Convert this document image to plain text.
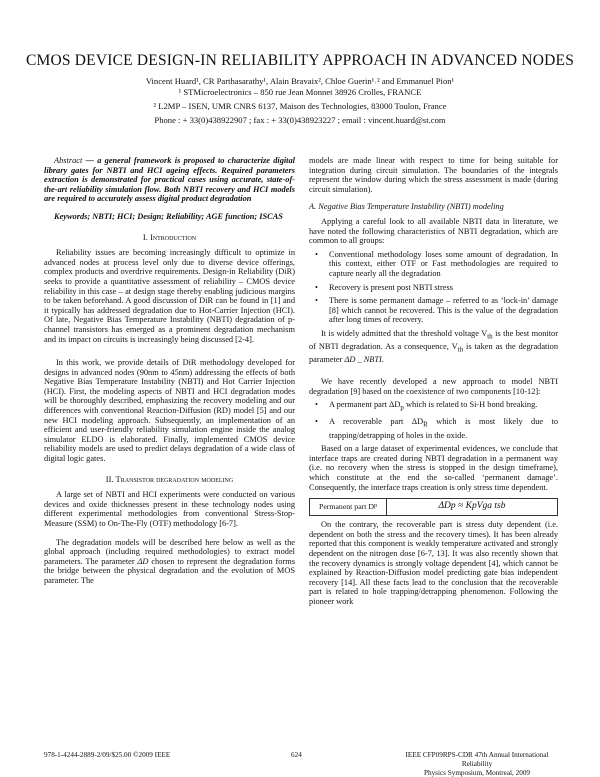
CMOS DEVICE DESIGN-IN RELIABILITY APPROACH IN ADVANCED NODES
Vincent Huard¹, CR Parthasarathy¹, Alain Bravaix², Chloe Guerin¹˒² and Emmanuel Pion¹
¹ STMicroelectronics – 850 rue Jean Monnet 38926 Crolles, FRANCE
² L2MP – ISEN, UMR CNRS 6137, Maison des Technologies, 83000 Toulon, France
Phone : + 33(0)438922907 ; fax : + 33(0)438923227 ; email : vincent.huard@st.com

Abstract — a general framework is proposed to characterize digital library gates for NBTI and HCI ageing effects. Required parameters extraction is demonstrated for practical cases using accurate, state-of-the-art reliability simulation flow. Both NBTI recovery and HCI models are required to accurately assess digital product degradation

Keywords; NBTI; HCI; Design; Reliability; AGE function; ISCAS

I. Introduction

Reliability issues are becoming increasingly difficult to optimize in advanced nodes at process level only due to diverse device offerings, complex products and overdrive requirements. Design-in Reliability (DiR) seeks to provide a quantitative assessment of reliability – CMOS device reliability in this case – at design stage thereby enabling judicious margins to be taken beforehand. A good discussion of DiR can be found in [1] and it typically has addressed degradation due to Hot-Carrier Injection (HCI). Of late, Negative Bias Temperature Instability (NBTI) degradation of p-channel transistors has emerged as a prominent degradation mechanism and its impact on circuits is increasingly being discussed [2-4].

In this work, we provide details of DiR methodology developed for designs in advanced nodes (90nm to 45nm) addressing the effects of both Negative Bias Temperature Instability (NBTI) and Hot Carrier Injection (HCI). First, the modeling aspects of NBTI and HCI degradation modes will be thoroughly described, emphasizing the recovery modeling and our differences with conventional Reaction-Diffusion (RD) model [5] and our new HCI modeling approach. Subsequently, an implementation of an efficient and user-friendly reliability simulation engine inside the analog simulator ELDO is elaborated. Finally, implemented CMOS device reliability models are used to predict delays degradation of a wide class of digital logic gates.

II. Transistor degradation modeling

A large set of NBTI and HCI experiments were conducted on various devices and oxide thicknesses present in these technology nodes using different experimental methodologies from conventional Stress-Stop-Measure (SSM) to On-The-Fly (OTF) methodology [6-7].

The degradation models will be described here below as well as the global approach (including required methodologies) to extract model parameters. The parameter ΔD chosen to represent the degradation forms the bridge between the physical degradation and the evolution of MOS parameter. The

models are made linear with respect to time for being suitable for integration during circuit simulation. The boundaries of the integrals represent the window during which the stress assessment is made (during circuit simulation).

A. Negative Bias Temperature Instability (NBTI) modeling

Applying a careful look to all available NBTI data in literature, we have noted the following characteristics of NBTI degradation, which are common to all groups:

• Conventional methodology loses some amount of degradation. In this context, either OTF or Fast methodologies are required to capture nearly all the degradation
• Recovery is present post NBTI stress
• There is some permanent damage – referred to as ‘lock-in’ damage [8] which cannot be recovered. This is the value of the degradation after long times of recovery.

It is widely admitted that the threshold voltage $V_{th}$ is the best monitor of NBTI degradation. As a consequence, $V_{th}$ is taken as the degradation parameter ΔD _ NBTI.

We have recently developed a new approach to model NBTI degradation [9] based on the coexistence of two components [10-12]:

• A permanent part $\Delta D_p$ which is related to Si-H bond breaking.
• A recoverable part $\Delta D_R$ which is most likely due to trapping/detrapping of holes in the oxide.

Based on a large dataset of experimental evidences, we conclude that interface traps are created during NBTI degradation in a permanent way (i.e. no recovery when the stress is stopped in the design timeframe), which constitute at the end the so-called ‘permanent damage’. Consequently, the interface traps creation is only stress time dependent.

Permanent part D p	ΔDp ≈ KpVga tsb

On the contrary, the recoverable part is stress duty dependent (i.e. dependent on both the stress and the recovery times). It has been already reported that this component is weakly temperature activated and strongly dependent on the nitrogen dose [6-7, 13]. It was also recently shown that the recovery dynamics is strongly voltage dependent [4], which cannot be explained by Reaction-Diffusion model predicting gate bias independent recovery [14]. All these facts lead to the conclusion that the recoverable part is related to hole trapping/detrapping phenomenon. Following the pioneer work

978-1-4244-2889-2/09/$25.00 ©2009 IEEE	624	IEEE CFP09RPS-CDR 47th Annual International Reliability
Physics Symposium, Montreal, 2009
